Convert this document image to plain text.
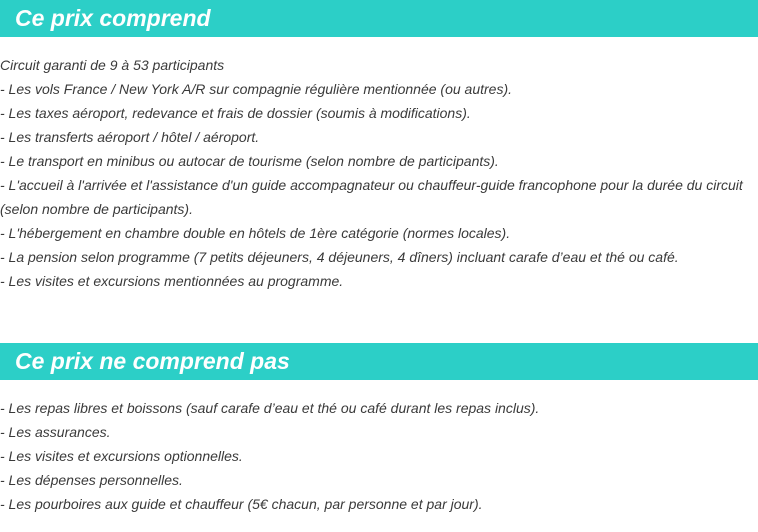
Ce prix comprend
Circuit garanti de 9 à 53 participants
- Les vols France / New York A/R sur compagnie régulière mentionnée (ou autres).
- Les taxes aéroport, redevance et frais de dossier (soumis à modifications).
- Les transferts aéroport / hôtel / aéroport.
- Le transport en minibus ou autocar de tourisme (selon nombre de participants).
- L'accueil à l'arrivée et l'assistance d'un guide accompagnateur ou chauffeur-guide francophone pour la durée du circuit (selon nombre de participants).
- L'hébergement en chambre double en hôtels de 1ère catégorie (normes locales).
- La pension selon programme (7 petits déjeuners, 4 déjeuners, 4 dîners) incluant carafe d’eau et thé ou café.
- Les visites et excursions mentionnées au programme.
Ce prix ne comprend pas
- Les repas libres et boissons (sauf carafe d’eau et thé ou café durant les repas inclus).
- Les assurances.
- Les visites et excursions optionnelles.
- Les dépenses personnelles.
- Les pourboires aux guide et chauffeur (5€ chacun, par personne et par jour).
